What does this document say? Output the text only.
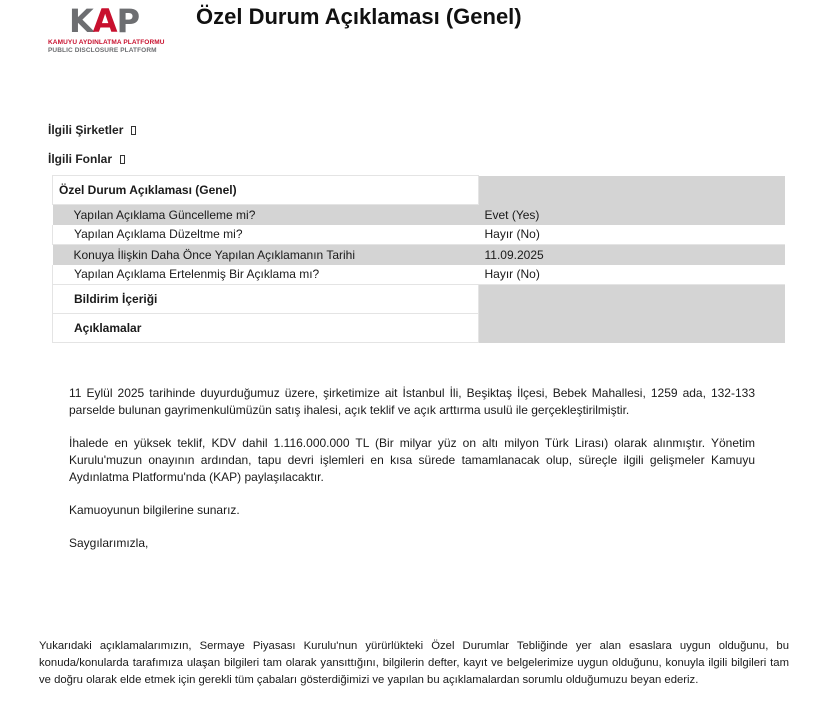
KAP
KAMUYU AYDINLATMA PLATFORMU
PUBLIC DISCLOSURE PLATFORM
Özel Durum Açıklaması (Genel)
İlgili Şirketler
İlgili Fonlar
Özel Durum Açıklaması (Genel)	
Yapılan Açıklama Güncelleme mi?	Evet (Yes)
Yapılan Açıklama Düzeltme mi?	Hayır (No)
Konuya İlişkin Daha Önce Yapılan Açıklamanın Tarihi	11.09.2025
Yapılan Açıklama Ertelenmiş Bir Açıklama mı?	Hayır (No)
Bildirim İçeriği	
Açıklamalar	

11 Eylül 2025 tarihinde duyurduğumuz üzere, şirketimize ait İstanbul İli, Beşiktaş İlçesi, Bebek Mahallesi, 1259 ada, 132-133 parselde bulunan gayrimenkulümüzün satış ihalesi, açık teklif ve açık arttırma usulü ile gerçekleştirilmiştir.

İhalede en yüksek teklif, KDV dahil 1.116.000.000 TL (Bir milyar yüz on altı milyon Türk Lirası) olarak alınmıştır. Yönetim Kurulu'muzun onayının ardından, tapu devri işlemleri en kısa sürede tamamlanacak olup, süreçle ilgili gelişmeler Kamuyu Aydınlatma Platformu'nda (KAP) paylaşılacaktır.

Kamuoyunun bilgilerine sunarız.

Saygılarımızla,

Yukarıdaki açıklamalarımızın, Sermaye Piyasası Kurulu'nun yürürlükteki Özel Durumlar Tebliğinde yer alan esaslara uygun olduğunu, bu konuda/konularda tarafımıza ulaşan bilgileri tam olarak yansıttığını, bilgilerin defter, kayıt ve belgelerimize uygun olduğunu, konuyla ilgili bilgileri tam ve doğru olarak elde etmek için gerekli tüm çabaları gösterdiğimizi ve yapılan bu açıklamalardan sorumlu olduğumuzu beyan ederiz.
